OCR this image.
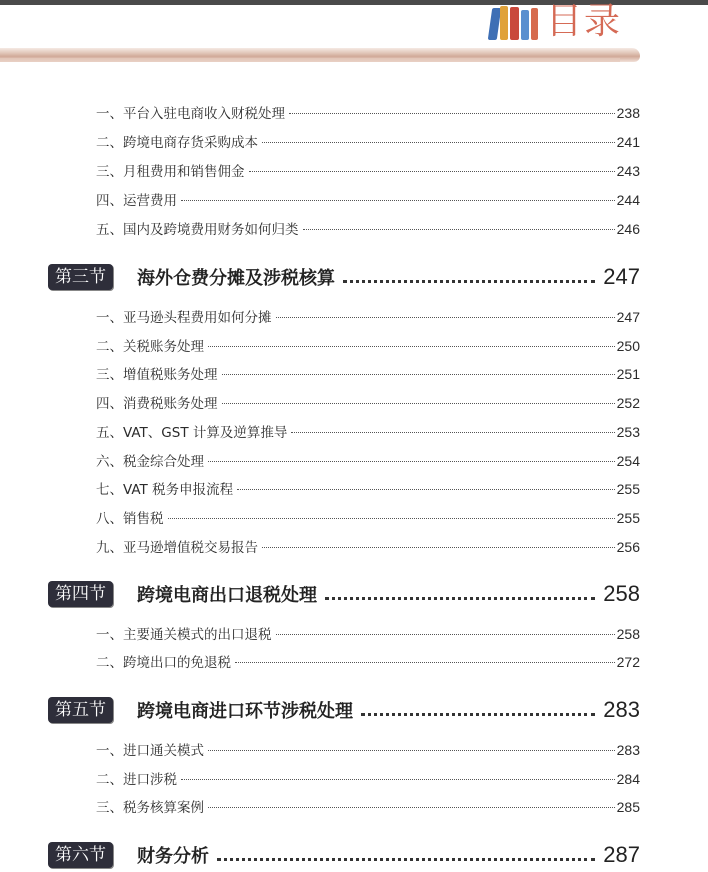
目录
一、平台入驻电商收入财税处理	238
二、跨境电商存货采购成本	241
三、月租费用和销售佣金	243
四、运营费用	244
五、国内及跨境费用财务如何归类	246
第三节	海外仓费分摊及涉税核算	247
一、亚马逊头程费用如何分摊	247
二、关税账务处理	250
三、增值税账务处理	251
四、消费税账务处理	252
五、VAT、GST 计算及逆算推导	253
六、税金综合处理	254
七、VAT 税务申报流程	255
八、销售税	255
九、亚马逊增值税交易报告	256
第四节	跨境电商出口退税处理	258
一、主要通关模式的出口退税	258
二、跨境出口的免退税	272
第五节	跨境电商进口环节涉税处理	283
一、进口通关模式	283
二、进口涉税	284
三、税务核算案例	285
第六节	财务分析	287
